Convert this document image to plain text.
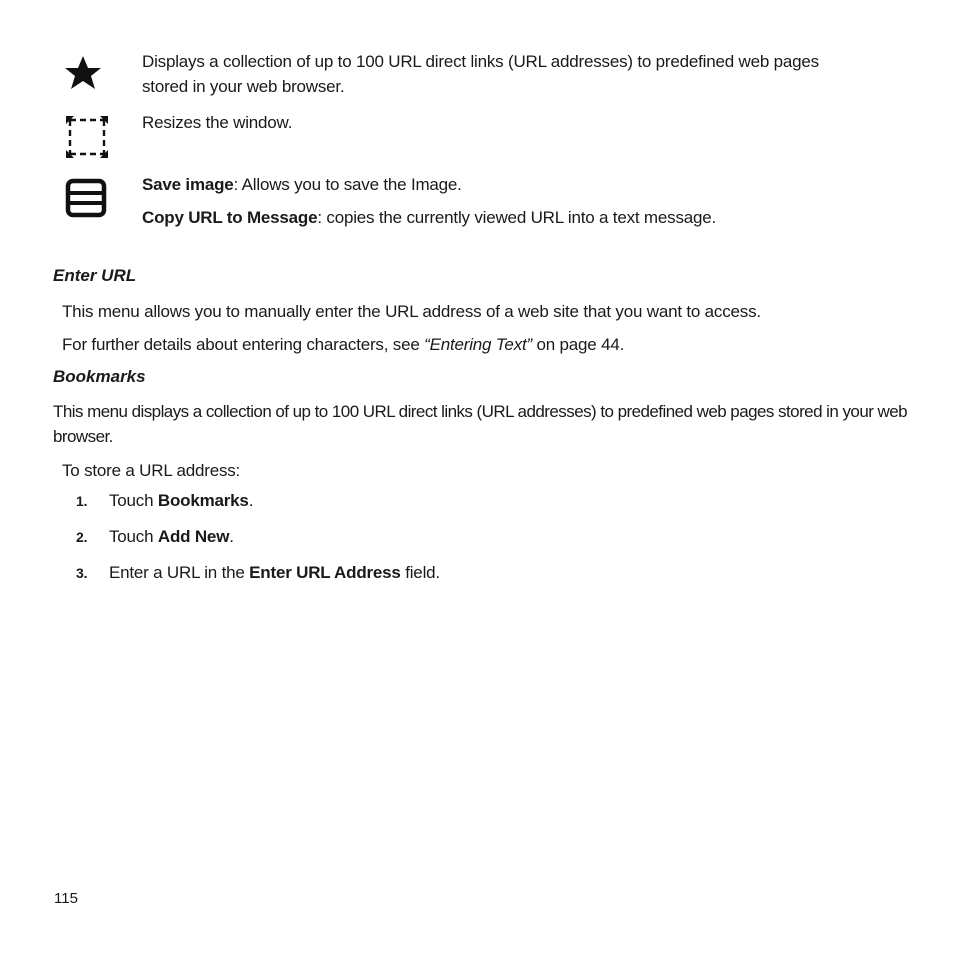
Displays a collection of up to 100 URL direct links (URL addresses) to predefined web pages stored in your web browser.
Resizes the window.
Save image: Allows you to save the Image.
Copy URL to Message: copies the currently viewed URL into a text message.
Enter URL
This menu allows you to manually enter the URL address of a web site that you want to access.
For further details about entering characters, see “Entering Text” on page 44.
Bookmarks
This menu displays a collection of up to 100 URL direct links (URL addresses) to predefined web pages stored in your web browser.
To store a URL address:
1. Touch Bookmarks.
2. Touch Add New.
3. Enter a URL in the Enter URL Address field.
115
